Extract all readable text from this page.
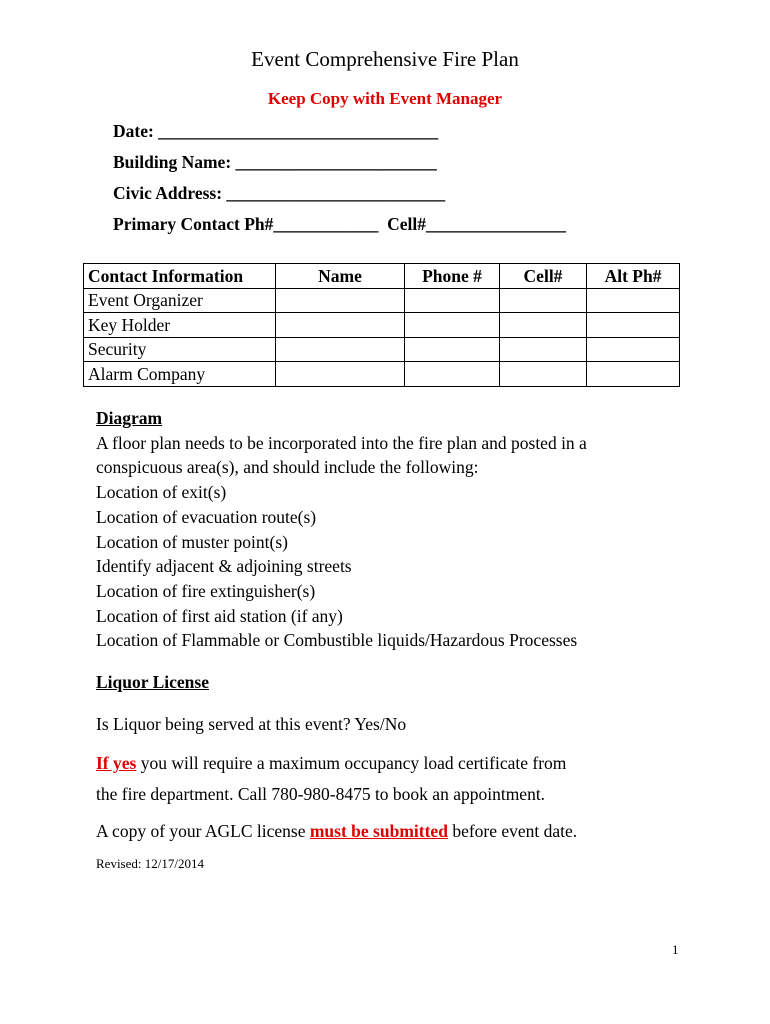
Event Comprehensive Fire Plan
Keep Copy with Event Manager
Date: ________________________________
Building Name: _______________________
Civic Address: _________________________
Primary Contact Ph#____________  Cell#________________
Contact Information	Name	Phone #	Cell#	Alt Ph#
Event Organizer				
Key Holder				
Security				
Alarm Company				
Diagram
A floor plan needs to be incorporated into the fire plan and posted in a
conspicuous area(s), and should include the following:
Location of exit(s)
Location of evacuation route(s)
Location of muster point(s)
Identify adjacent & adjoining streets
Location of fire extinguisher(s)
Location of first aid station (if any)
Location of Flammable or Combustible liquids/Hazardous Processes
Liquor License
Is Liquor being served at this event? Yes/No
If yes you will require a maximum occupancy load certificate from
the fire department. Call 780-980-8475 to book an appointment.
A copy of your AGLC license must be submitted before event date.
Revised: 12/17/2014
1
